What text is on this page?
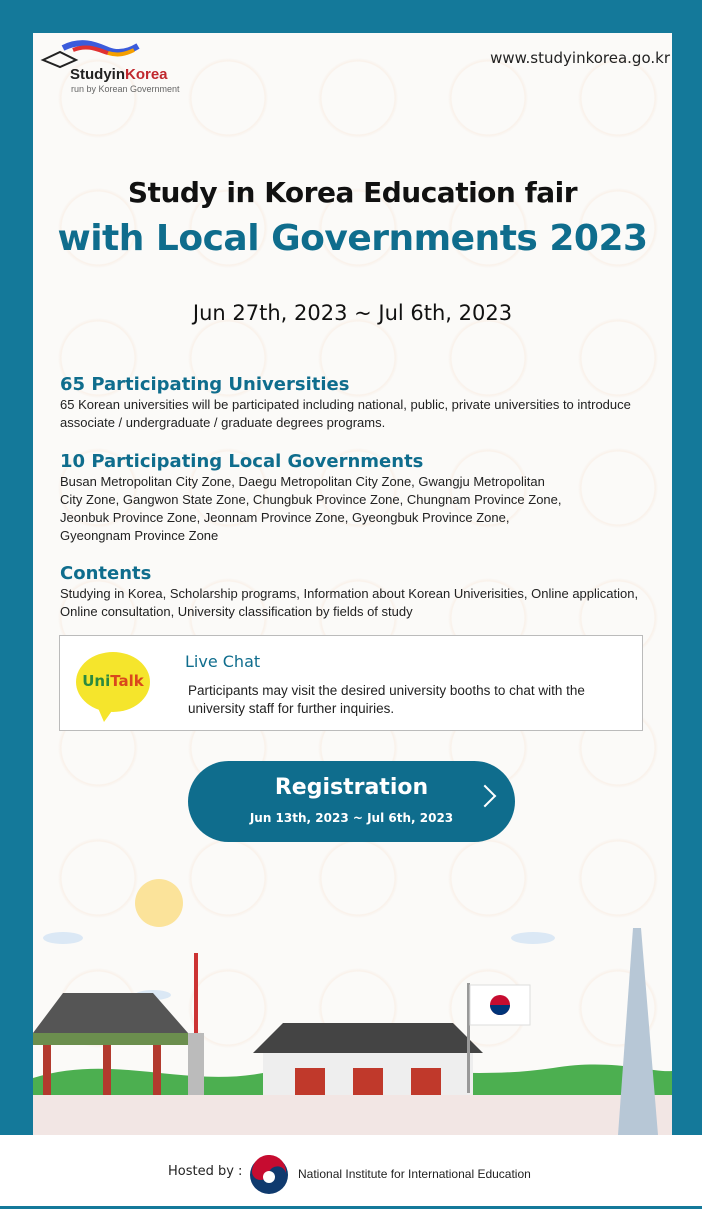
StudyinKorea
run by Korean Government
www.studyinkorea.go.kr
Study in Korea Education fair
with Local Governments 2023
Jun 27th, 2023 ~ Jul 6th, 2023
65 Participating Universities

65 Korean universities will be participated including national, public, private universities to introduce associate / undergraduate / graduate degrees programs.

10 Participating Local Governments

Busan Metropolitan City Zone, Daegu Metropolitan City Zone, Gwangju Metropolitan City Zone, Gangwon State Zone, Chungbuk Province Zone, Chungnam Province Zone, Jeonbuk Province Zone, Jeonnam Province Zone, Gyeongbuk Province Zone, Gyeongnam Province Zone

Contents

Studying in Korea, Scholarship programs, Information about Korean Univerisities, Online application, Online consultation, University classification by fields of study

UniTalk
Live Chat

Participants may visit the desired university booths to chat with the university staff for further inquiries.

Registration
Jun 13th, 2023 ~ Jul 6th, 2023
Hosted by :	National Institute for International Education
